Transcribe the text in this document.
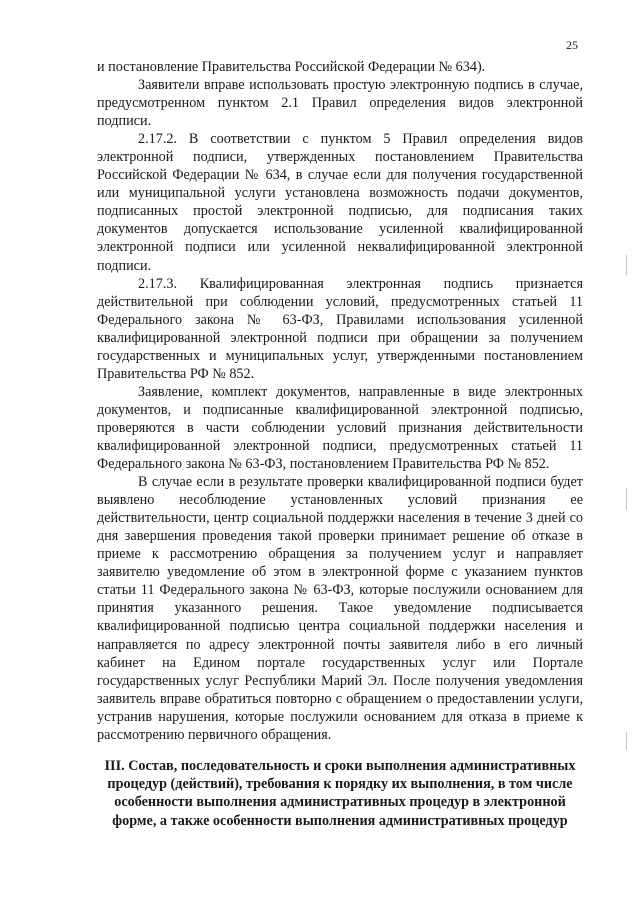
25

и постановление Правительства Российской Федерации № 634).

Заявители вправе использовать простую электронную подпись в случае, предусмотренном пунктом 2.1 Правил определения видов электронной подписи.

2.17.2. В соответствии с пунктом 5 Правил определения видов электронной подписи, утвержденных постановлением Правительства Российской Федерации № 634, в случае если для получения государственной или муниципальной услуги установлена возможность подачи документов, подписанных простой электронной подписью, для подписания таких документов допускается использование усиленной квалифицированной электронной подписи или усиленной неквалифицированной электронной подписи.

2.17.3. Квалифицированная электронная подпись признается действительной при соблюдении условий, предусмотренных статьей 11 Федерального закона № 63-ФЗ, Правилами использования усиленной квалифицированной электронной подписи при обращении за получением государственных и муниципальных услуг, утвержденными постановлением Правительства РФ № 852.

Заявление, комплект документов, направленные в виде электронных документов, и подписанные квалифицированной электронной подписью, проверяются в части соблюдении условий признания действительности квалифицированной электронной подписи, предусмотренных статьей 11 Федерального закона № 63-ФЗ, постановлением Правительства РФ № 852.

В случае если в результате проверки квалифицированной подписи будет выявлено несоблюдение установленных условий признания ее действительности, центр социальной поддержки населения в течение 3 дней со дня завершения проведения такой проверки принимает решение об отказе в приеме к рассмотрению обращения за получением услуг и направляет заявителю уведомление об этом в электронной форме с указанием пунктов статьи 11 Федерального закона № 63-ФЗ, которые послужили основанием для принятия указанного решения. Такое уведомление подписывается квалифицированной подписью центра социальной поддержки населения и направляется по адресу электронной почты заявителя либо в его личный кабинет на Едином портале государственных услуг или Портале государственных услуг Республики Марий Эл. После получения уведомления заявитель вправе обратиться повторно с обращением о предоставлении услуги, устранив нарушения, которые послужили основанием для отказа в приеме к рассмотрению первичного обращения.

III. Состав, последовательность и сроки выполнения административных процедур (действий), требования к порядку их выполнения, в том числе особенности выполнения административных процедур в электронной форме, а также особенности выполнения административных процедур
